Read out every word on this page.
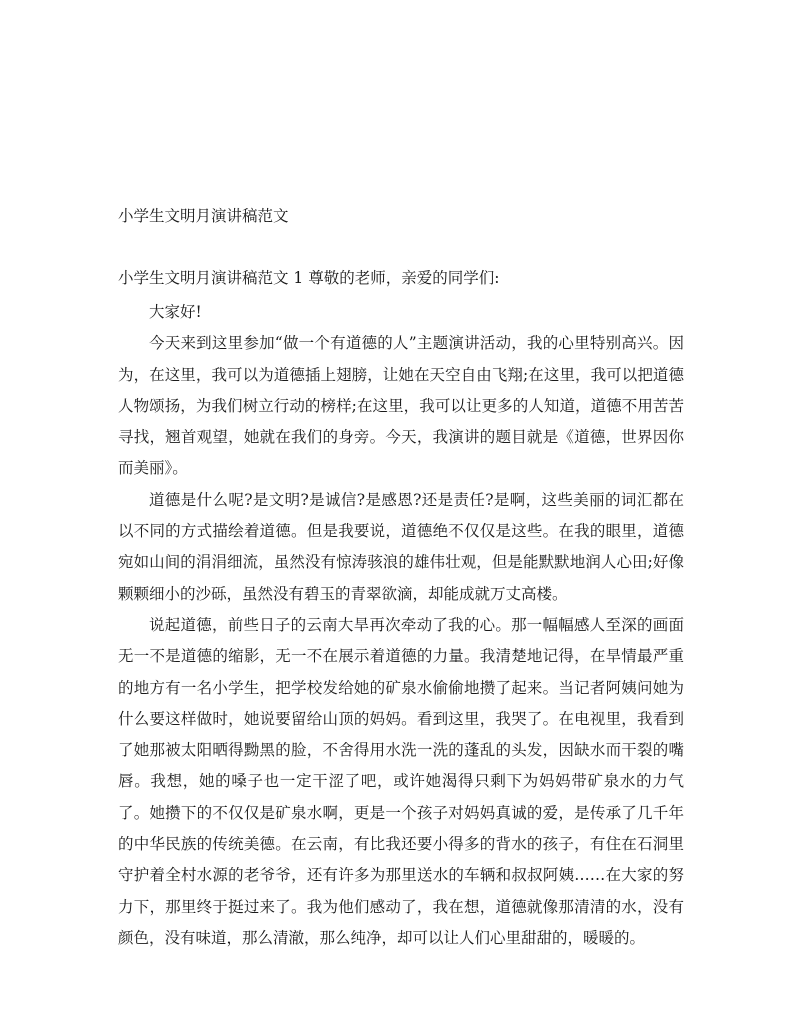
小学生文明月演讲稿范文
小学生文明月演讲稿范文 1 尊敬的老师，亲爱的同学们:

大家好!

今天来到这里参加“做一个有道德的人”主题演讲活动，我的心里特别高兴。因为，在这里，我可以为道德插上翅膀，让她在天空自由飞翔;在这里，我可以把道德人物颂扬，为我们树立行动的榜样;在这里，我可以让更多的人知道，道德不用苦苦寻找，翘首观望，她就在我们的身旁。今天，我演讲的题目就是《道德，世界因你而美丽》。

道德是什么呢?是文明?是诚信?是感恩?还是责任?是啊，这些美丽的词汇都在以不同的方式描绘着道德。但是我要说，道德绝不仅仅是这些。在我的眼里，道德宛如山间的涓涓细流，虽然没有惊涛骇浪的雄伟壮观，但是能默默地润人心田;好像颗颗细小的沙砾，虽然没有碧玉的青翠欲滴，却能成就万丈高楼。

说起道德，前些日子的云南大旱再次牵动了我的心。那一幅幅感人至深的画面无一不是道德的缩影，无一不在展示着道德的力量。我清楚地记得，在旱情最严重的地方有一名小学生，把学校发给她的矿泉水偷偷地攒了起来。当记者阿姨问她为什么要这样做时，她说要留给山顶的妈妈。看到这里，我哭了。在电视里，我看到了她那被太阳晒得黝黑的脸，不舍得用水洗一洗的蓬乱的头发，因缺水而干裂的嘴唇。我想，她的嗓子也一定干涩了吧，或许她渴得只剩下为妈妈带矿泉水的力气了。她攒下的不仅仅是矿泉水啊，更是一个孩子对妈妈真诚的爱，是传承了几千年的中华民族的传统美德。在云南，有比我还要小得多的背水的孩子，有住在石洞里守护着全村水源的老爷爷，还有许多为那里送水的车辆和叔叔阿姨……在大家的努力下，那里终于挺过来了。我为他们感动了，我在想，道德就像那清清的水，没有颜色，没有味道，那么清澈，那么纯净，却可以让人们心里甜甜的，暖暖的。
